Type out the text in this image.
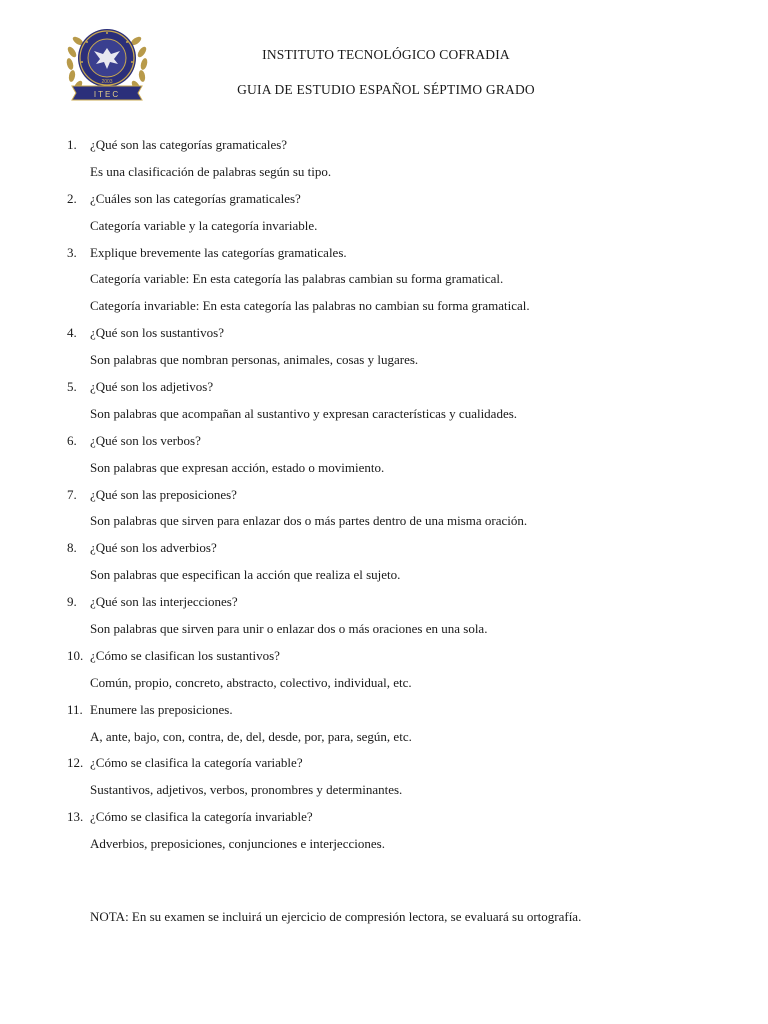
2003
ITEC
INSTITUTO TECNOLÓGICO COFRADIA
GUIA DE ESTUDIO ESPAÑOL SÉPTIMO GRADO
1. ¿Qué son las categorías gramaticales?
Es una clasificación de palabras según su tipo.
2. ¿Cuáles son las categorías gramaticales?
Categoría variable y la categoría invariable.
3. Explique brevemente las categorías gramaticales.
Categoría variable: En esta categoría las palabras cambian su forma gramatical.
Categoría invariable: En esta categoría las palabras no cambian su forma gramatical.
4. ¿Qué son los sustantivos?
Son palabras que nombran personas, animales, cosas y lugares.
5. ¿Qué son los adjetivos?
Son palabras que acompañan al sustantivo y expresan características y cualidades.
6. ¿Qué son los verbos?
Son palabras que expresan acción, estado o movimiento.
7. ¿Qué son las preposiciones?
Son palabras que sirven para enlazar dos o más partes dentro de una misma oración.
8. ¿Qué son los adverbios?
Son palabras que especifican la acción que realiza el sujeto.
9. ¿Qué son las interjecciones?
Son palabras que sirven para unir o enlazar dos o más oraciones en una sola.
10. ¿Cómo se clasifican los sustantivos?
Común, propio, concreto, abstracto, colectivo, individual, etc.
11. Enumere las preposiciones.
A, ante, bajo, con, contra, de, del, desde, por, para, según, etc.
12. ¿Cómo se clasifica la categoría variable?
Sustantivos, adjetivos, verbos, pronombres y determinantes.
13. ¿Cómo se clasifica la categoría invariable?
Adverbios, preposiciones, conjunciones e interjecciones.
NOTA: En su examen se incluirá un ejercicio de compresión lectora, se evaluará su ortografía.
